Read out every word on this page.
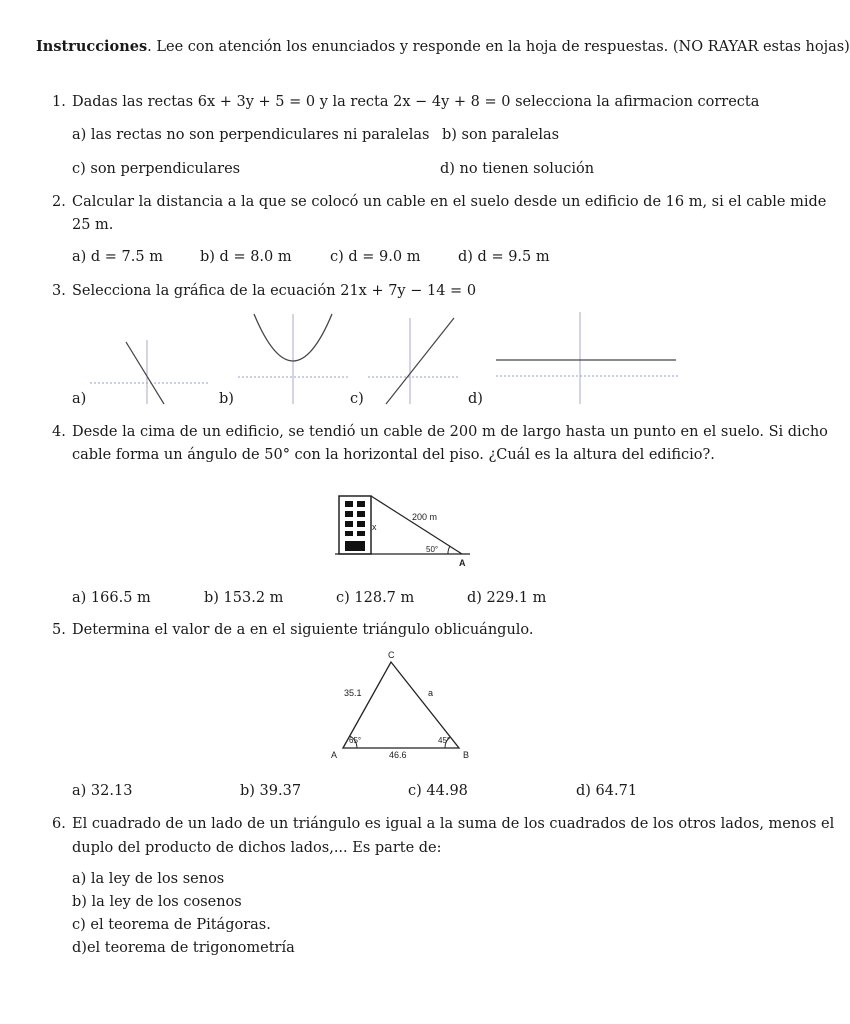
Instrucciones. Lee con atención los enunciados y responde en la hoja de respuestas. (NO RAYAR estas hojas)
1. Dadas las rectas 6x + 3y + 5 = 0 y la recta 2x − 4y + 8 = 0 selecciona la afirmacion correcta
a) las rectas no son perpendiculares ni paralelas b) son paralelas
c) son perpendiculares	d) no tienen solución
2. Calcular la distancia a la que se colocó un cable en el suelo desde un edificio de 16 m, si el cable mide
25 m.
a) d = 7.5 m	b) d = 8.0 m	c) d = 9.0 m	d) d = 9.5 m
3. Selecciona la gráfica de la ecuación 21x + 7y − 14 = 0
a)	b)	c)	d)
4. Desde la cima de un edificio, se tendió un cable de 200 m de largo hasta un punto en el suelo. Si dicho
cable forma un ángulo de 50° con la horizontal del piso. ¿Cuál es la altura del edificio?.
x
200 m
50°
A
a) 166.5 m	b) 153.2 m	c) 128.7 m	d) 229.1 m
5. Determina el valor de a en el siguiente triángulo oblicuángulo.
C
A	B
35.1	a
46.6
65°	45°
a) 32.13	b) 39.37	c) 44.98	d) 64.71
6. El cuadrado de un lado de un triángulo es igual a la suma de los cuadrados de los otros lados, menos el
duplo del producto de dichos lados,... Es parte de:
a) la ley de los senos
b) la ley de los cosenos
c) el teorema de Pitágoras.
d)el teorema de trigonometría
